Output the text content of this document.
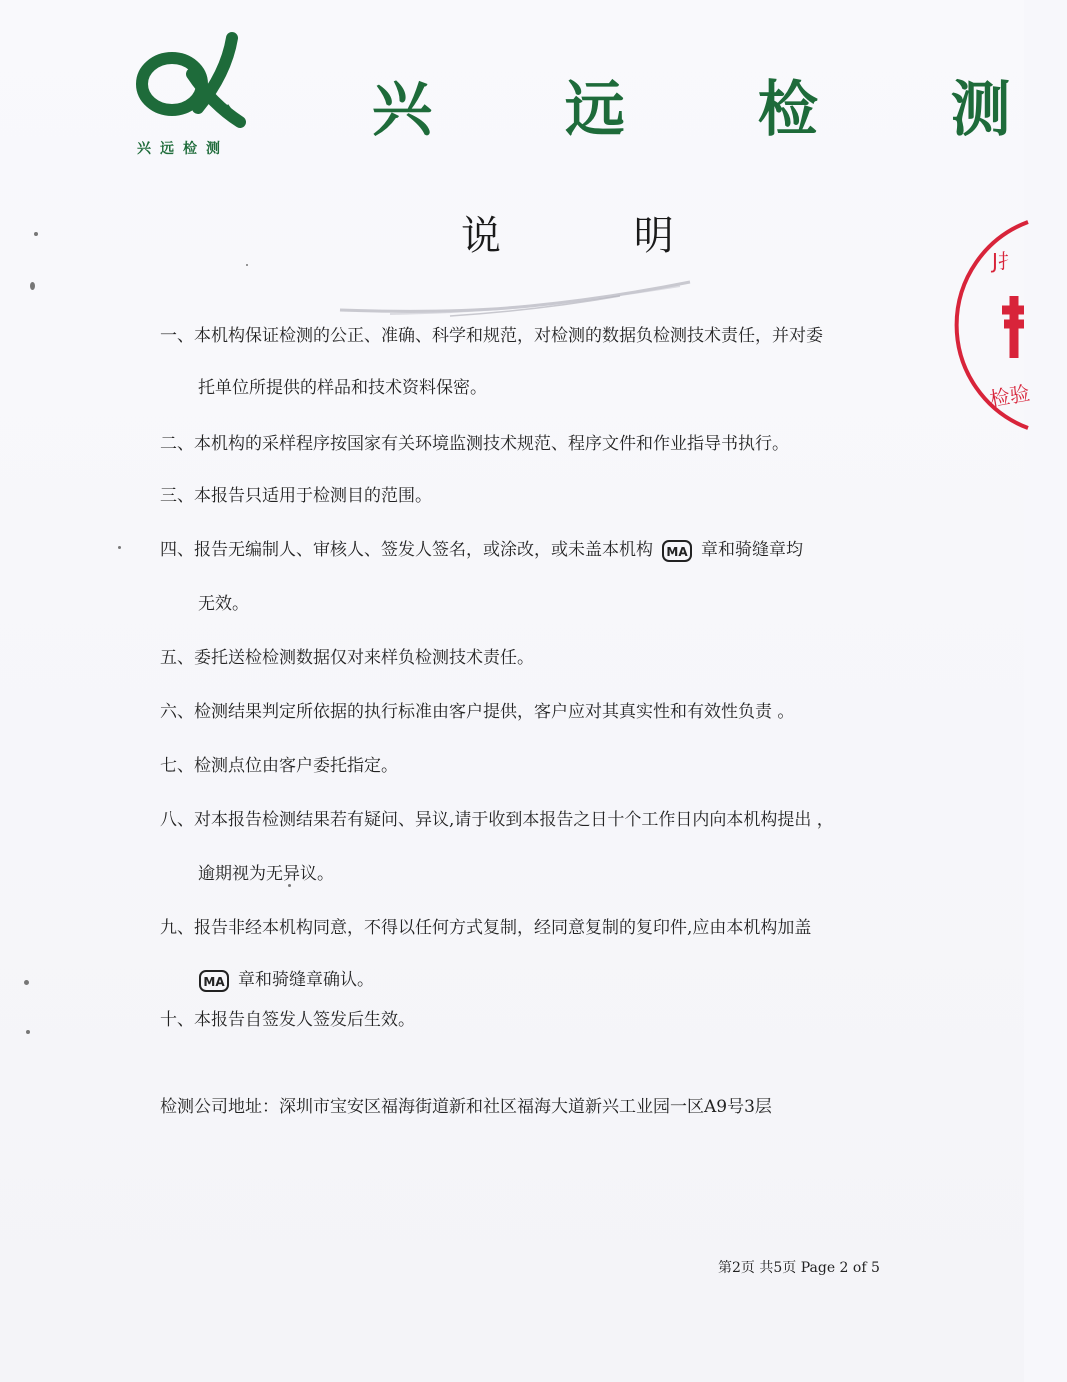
兴远检测
兴 远 检 测
说 明
J扌
检验
一、本机构保证检测的公正、准确、科学和规范，对检测的数据负检测技术责任，并对委
托单位所提供的样品和技术资料保密。
二、本机构的采样程序按国家有关环境监测技术规范、程序文件和作业指导书执行。
三、本报告只适用于检测目的范围。
四、报告无编制人、审核人、签发人签名，或涂改，或未盖本机构 MA 章和骑缝章均
无效。
五、委托送检检测数据仅对来样负检测技术责任。
六、检测结果判定所依据的执行标准由客户提供，客户应对其真实性和有效性负责 。
七、检测点位由客户委托指定。
八、对本报告检测结果若有疑问、异议,请于收到本报告之日十个工作日内向本机构提出 ，
逾期视为无异议。
九、报告非经本机构同意，不得以任何方式复制，经同意复制的复印件,应由本机构加盖
MA 章和骑缝章确认。
十、本报告自签发人签发后生效。
检测公司地址：深圳市宝安区福海街道新和社区福海大道新兴工业园一区A9号3层
第2页 共5页 Page 2 of 5
